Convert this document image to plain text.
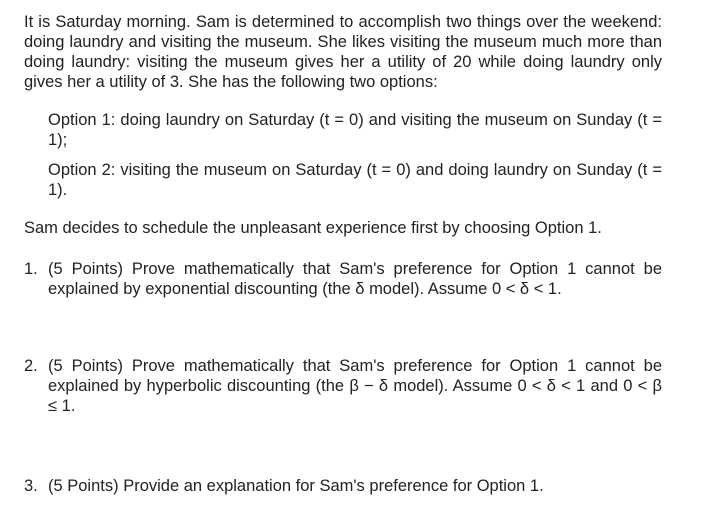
It is Saturday morning. Sam is determined to accomplish two things over the weekend: doing laundry and visiting the museum. She likes visiting the museum much more than doing laundry: visiting the museum gives her a utility of 20 while doing laundry only gives her a utility of 3. She has the following two options:

Option 1: doing laundry on Saturday (t = 0) and visiting the museum on Sunday (t = 1);

Option 2: visiting the museum on Saturday (t = 0) and doing laundry on Sunday (t = 1).

Sam decides to schedule the unpleasant experience first by choosing Option 1.

1. (5 Points) Prove mathematically that Sam's preference for Option 1 cannot be explained by exponential discounting (the δ model). Assume 0 < δ < 1.

2. (5 Points) Prove mathematically that Sam's preference for Option 1 cannot be explained by hyperbolic discounting (the β − δ model). Assume 0 < δ < 1 and 0 < β ≤ 1.

3. (5 Points) Provide an explanation for Sam's preference for Option 1.
